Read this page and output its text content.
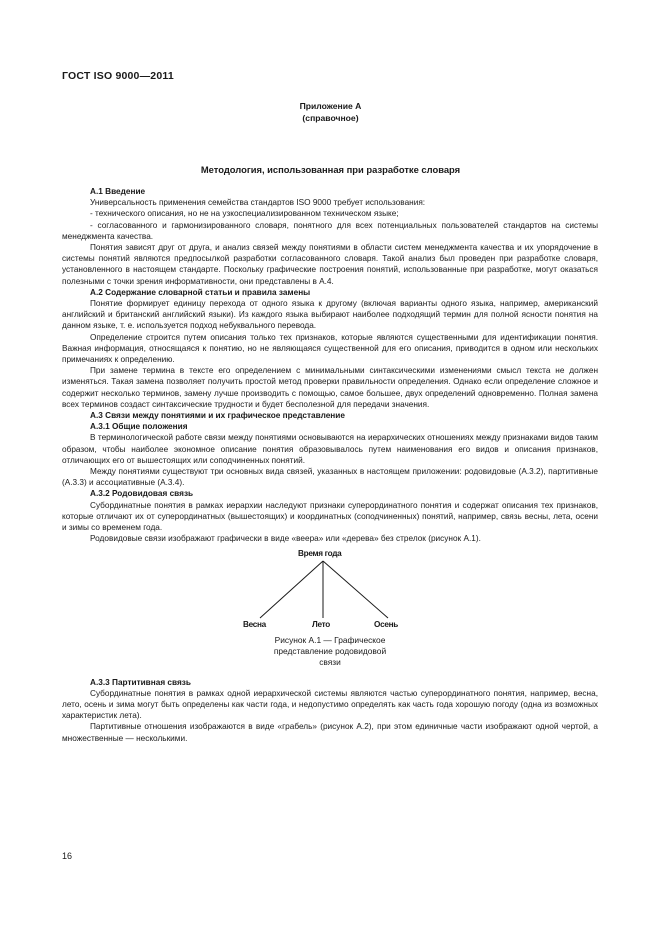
ГОСТ ISO 9000—2011
Приложение А
(справочное)
Методология, использованная при разработке словаря

А.1 Введение

Универсальность применения семейства стандартов ISO 9000 требует использования:

- технического описания, но не на узкоспециализированном техническом языке;

- согласованного и гармонизированного словаря, понятного для всех потенциальных пользователей стандартов на системы менеджмента качества.

Понятия зависят друг от друга, и анализ связей между понятиями в области систем менеджмента качества и их упорядочение в системы понятий являются предпосылкой разработки согласованного словаря. Такой анализ был проведен при разработке словаря, установленного в настоящем стандарте. Поскольку графические построения понятий, использованные при разработке, могут оказаться полезными с точки зрения информативности, они представлены в А.4.

А.2 Содержание словарной статьи и правила замены

Понятие формирует единицу перехода от одного языка к другому (включая варианты одного языка, например, американский английский и британский английский языки). Из каждого языка выбирают наиболее подходящий термин для полной ясности понятия на данном языке, т. е. используется подход небуквального перевода.

Определение строится путем описания только тех признаков, которые являются существенными для идентификации понятия. Важная информация, относящаяся к понятию, но не являющаяся существенной для его описания, приводится в одном или нескольких примечаниях к определению.

При замене термина в тексте его определением с минимальными синтаксическими изменениями смысл текста не должен изменяться. Такая замена позволяет получить простой метод проверки правильности определения. Однако если определение сложное и содержит несколько терминов, замену лучше производить с помощью, самое большее, двух определений одновременно. Полная замена всех терминов создаст синтаксические трудности и будет бесполезной для передачи значения.

А.3 Связи между понятиями и их графическое представление

А.3.1 Общие положения

В терминологической работе связи между понятиями основываются на иерархических отношениях между признаками видов таким образом, чтобы наиболее экономное описание понятия образовывалось путем наименования его видов и описания признаков, отличающих его от вышестоящих или соподчиненных понятий.

Между понятиями существуют три основных вида связей, указанных в настоящем приложении: родовидовые (А.3.2), партитивные (А.3.3) и ассоциативные (А.3.4).

А.3.2 Родовидовая связь

Субординатные понятия в рамках иерархии наследуют признаки суперординатного понятия и содержат описания тех признаков, которые отличают их от суперординатных (вышестоящих) и координатных (соподчиненных) понятий, например, связь весны, лета, осени и зимы со временем года.

Родовидовые связи изображают графически в виде «веера» или «дерева» без стрелок (рисунок А.1).

Время года
Весна	Лето	Осень
Рисунок А.1 — Графическое
представление родовидовой
связи

А.3.3 Партитивная связь

Субординатные понятия в рамках одной иерархической системы являются частью суперординатного понятия, например, весна, лето, осень и зима могут быть определены как части года, и недопустимо определять как часть года хорошую погоду (одна из возможных характеристик лета).

Партитивные отношения изображаются в виде «грабель» (рисунок А.2), при этом единичные части изображают одной чертой, а множественные — несколькими.

16
